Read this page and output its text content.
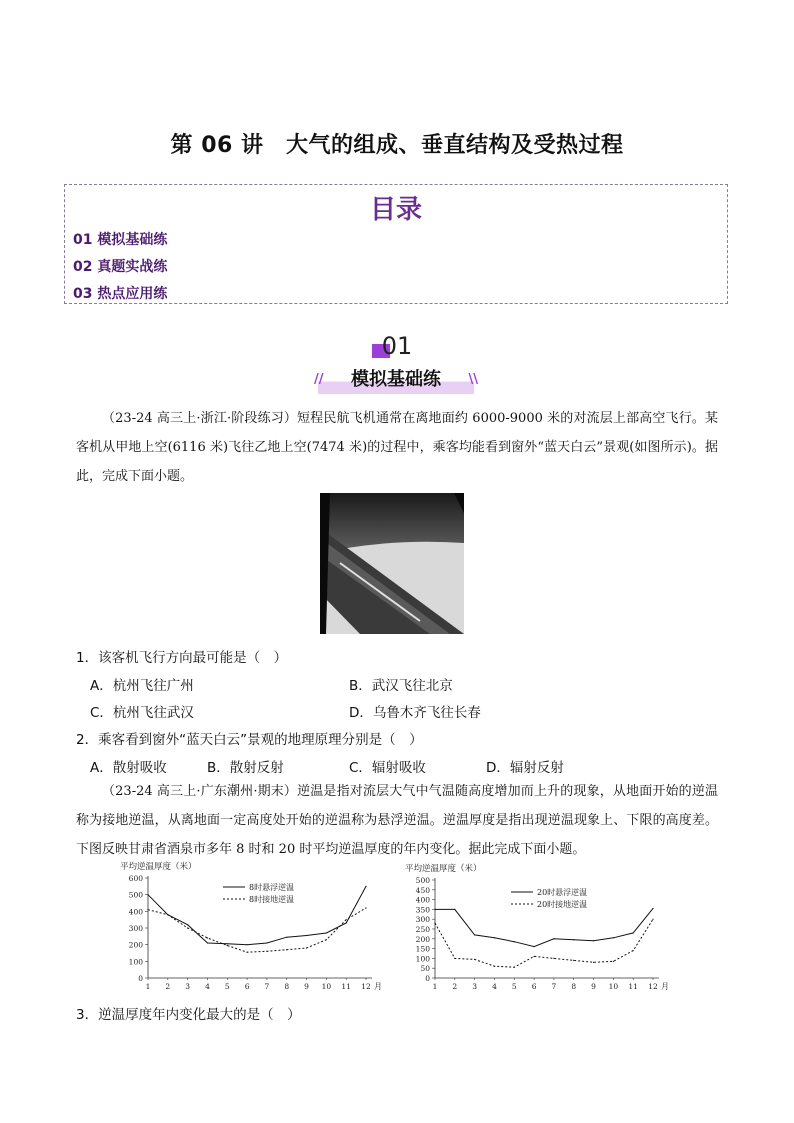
第 06 讲　大气的组成、垂直结构及受热过程
目录
01 模拟基础练
02 真题实战练
03 热点应用练
01
//	模拟基础练	\\
（23-24 高三上·浙江·阶段练习）短程民航飞机通常在离地面约 6000-9000 米的对流层上部高空飞行。某客机从甲地上空(6116 米)飞往乙地上空(7474 米)的过程中，乘客均能看到窗外“蓝天白云”景观(如图所示)。据此，完成下面小题。
1．该客机飞行方向最可能是（　）
A．杭州飞往广州	B．武汉飞往北京
C．杭州飞往武汉	D．乌鲁木齐飞往长春
2．乘客看到窗外“蓝天白云”景观的地理原理分别是（　）
A．散射吸收	B．散射反射	C．辐射吸收	D．辐射反射
（23-24 高三上·广东潮州·期末）逆温是指对流层大气中气温随高度增加而上升的现象，从地面开始的逆温称为接地逆温，从离地面一定高度处开始的逆温称为悬浮逆温。逆温厚度是指出现逆温现象上、下限的高度差。下图反映甘肃省酒泉市多年 8 时和 20 时平均逆温厚度的年内变化。据此完成下面小题。
平均逆温厚度（米）
0
100
200
300
400
500
600
1 2 3 4 5 6 7 8 9 10 11 12 月
8时悬浮逆温
8时接地逆温
平均逆温厚度（米）
0
50
100
150
200
250
300
350
400
450
500
1 2 3 4 5 6 7 8 9 10 11 12 月
20时悬浮逆温
20时接地逆温
3．逆温厚度年内变化最大的是（　）
